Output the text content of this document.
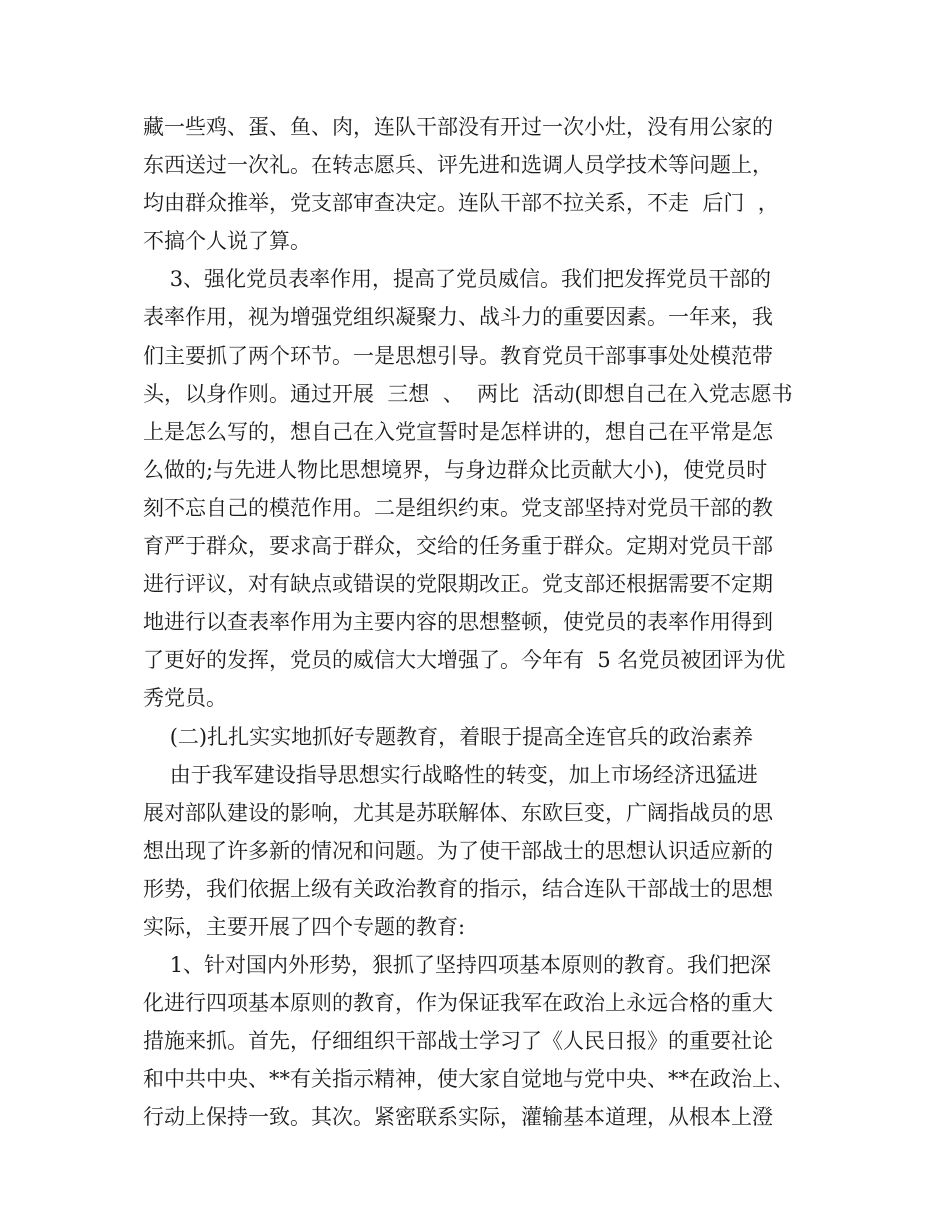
藏一些鸡、蛋、鱼、肉，连队干部没有开过一次小灶，没有用公家的
东西送过一次礼。在转志愿兵、评先进和选调人员学技术等问题上，
均由群众推举，党支部审查决定。连队干部不拉关系，不走  后门  ，
不搞个人说了算。
3、强化党员表率作用，提高了党员威信。我们把发挥党员干部的
表率作用，视为增强党组织凝聚力、战斗力的重要因素。一年来，我
们主要抓了两个环节。一是思想引导。教育党员干部事事处处模范带
头，以身作则。通过开展  三想  、  两比  活动(即想自己在入党志愿书
上是怎么写的，想自己在入党宣誓时是怎样讲的，想自己在平常是怎
么做的;与先进人物比思想境界，与身边群众比贡献大小)，使党员时
刻不忘自己的模范作用。二是组织约束。党支部坚持对党员干部的教
育严于群众，要求高于群众，交给的任务重于群众。定期对党员干部
进行评议，对有缺点或错误的党限期改正。党支部还根据需要不定期
地进行以查表率作用为主要内容的思想整顿，使党员的表率作用得到
了更好的发挥，党员的威信大大增强了。今年有  5 名党员被团评为优
秀党员。
(二)扎扎实实地抓好专题教育，着眼于提高全连官兵的政治素养
由于我军建设指导思想实行战略性的转变，加上市场经济迅猛进
展对部队建设的影响，尤其是苏联解体、东欧巨变，广阔指战员的思
想出现了许多新的情况和问题。为了使干部战士的思想认识适应新的
形势，我们依据上级有关政治教育的指示，结合连队干部战士的思想
实际，主要开展了四个专题的教育:
1、针对国内外形势，狠抓了坚持四项基本原则的教育。我们把深
化进行四项基本原则的教育，作为保证我军在政治上永远合格的重大
措施来抓。首先，仔细组织干部战士学习了《人民日报》的重要社论
和中共中央、**有关指示精神，使大家自觉地与党中央、**在政治上、
行动上保持一致。其次。紧密联系实际，灌输基本道理，从根本上澄
